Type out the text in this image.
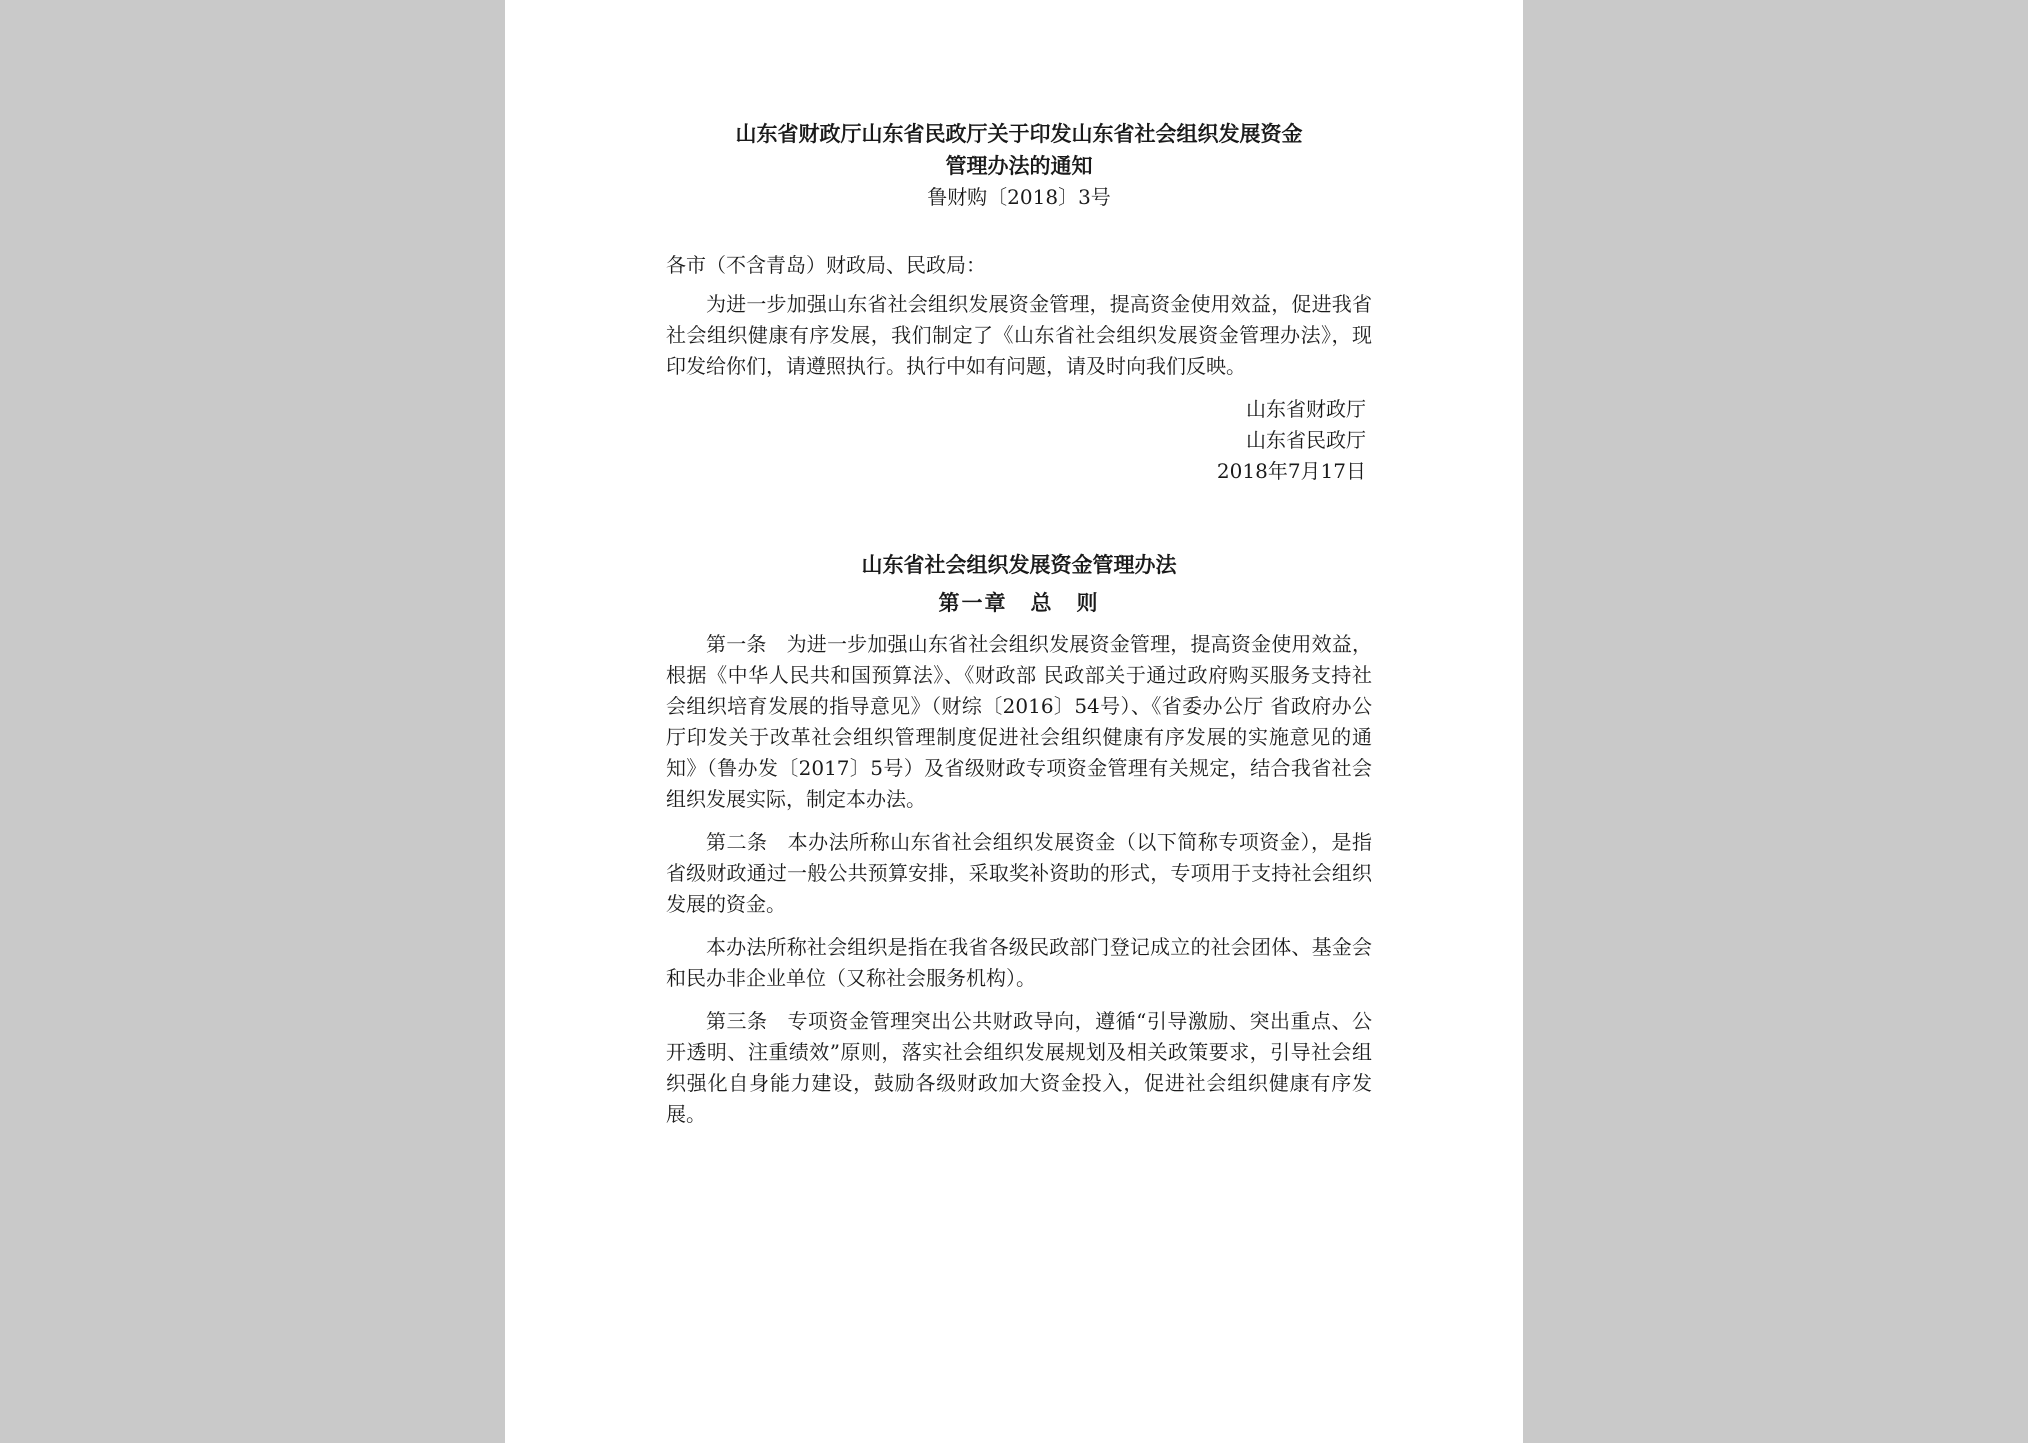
山东省财政厅山东省民政厅关于印发山东省社会组织发展资金

管理办法的通知

鲁财购〔2018〕3号

各市（不含青岛）财政局、民政局：

为进一步加强山东省社会组织发展资金管理，提高资金使用效益，促进我省社会组织健康有序发展，我们制定了《山东省社会组织发展资金管理办法》，现印发给你们，请遵照执行。执行中如有问题，请及时向我们反映。

山东省财政厅

山东省民政厅

2018年7月17日

山东省社会组织发展资金管理办法

第一章　总　则

第一条 为进一步加强山东省社会组织发展资金管理，提高资金使用效益，根据《中华人民共和国预算法》、《财政部 民政部关于通过政府购买服务支持社会组织培育发展的指导意见》（财综〔2016〕54号）、《省委办公厅 省政府办公厅印发关于改革社会组织管理制度促进社会组织健康有序发展的实施意见的通知》（鲁办发〔2017〕5号）及省级财政专项资金管理有关规定，结合我省社会组织发展实际，制定本办法。

第二条 本办法所称山东省社会组织发展资金（以下简称专项资金），是指省级财政通过一般公共预算安排，采取奖补资助的形式，专项用于支持社会组织发展的资金。

本办法所称社会组织是指在我省各级民政部门登记成立的社会团体、基金会和民办非企业单位（又称社会服务机构）。

第三条 专项资金管理突出公共财政导向，遵循“引导激励、突出重点、公开透明、注重绩效”原则，落实社会组织发展规划及相关政策要求，引导社会组织强化自身能力建设，鼓励各级财政加大资金投入，促进社会组织健康有序发展。
